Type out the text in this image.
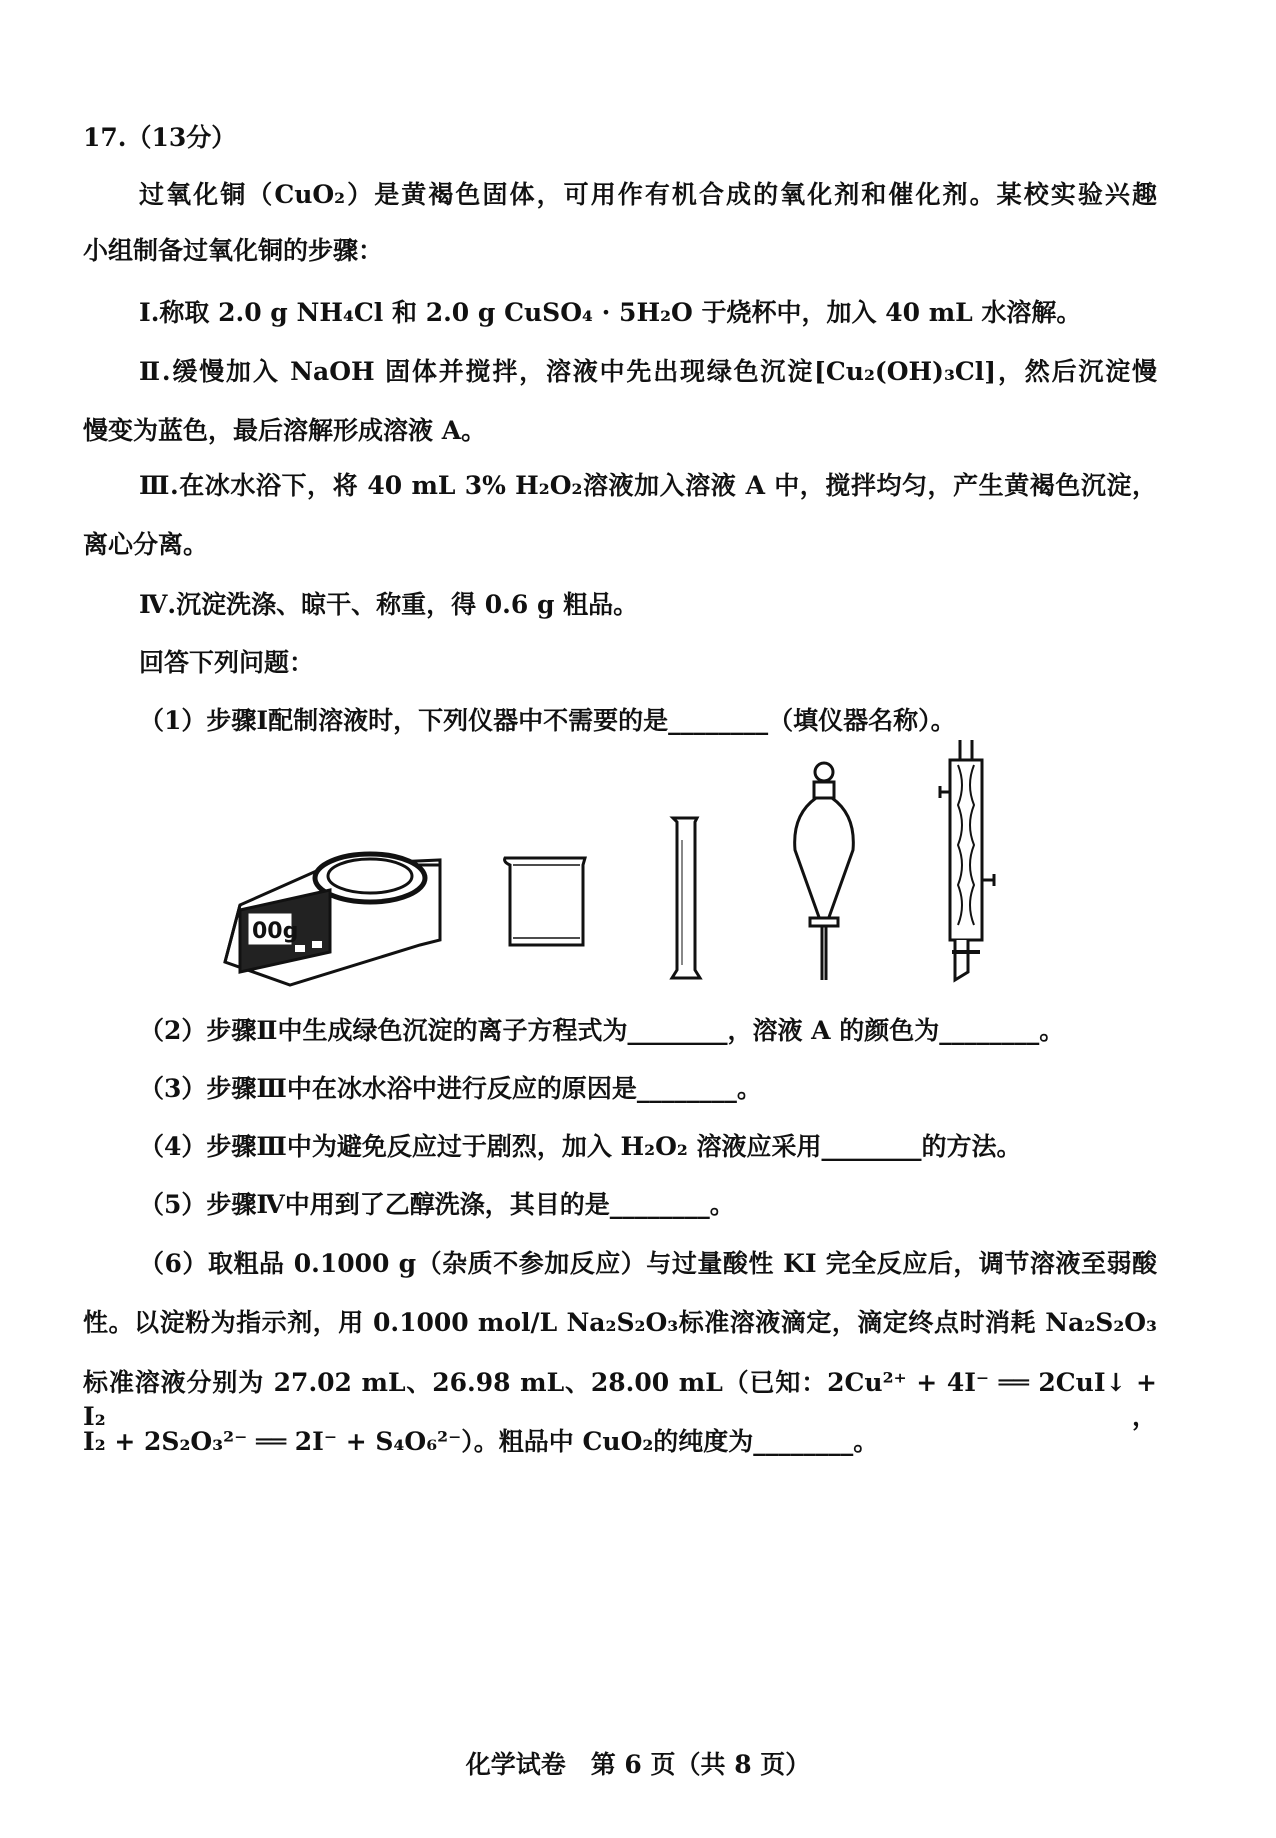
17.（13分）
过氧化铜（CuO₂）是黄褐色固体，可用作有机合成的氧化剂和催化剂。某校实验兴趣
小组制备过氧化铜的步骤：
Ⅰ.称取 2.0 g NH₄Cl 和 2.0 g CuSO₄ · 5H₂O 于烧杯中，加入 40 mL 水溶解。
Ⅱ.缓慢加入 NaOH 固体并搅拌，溶液中先出现绿色沉淀[Cu₂(OH)₃Cl]，然后沉淀慢
慢变为蓝色，最后溶解形成溶液 A。
Ⅲ.在冰水浴下，将 40 mL 3% H₂O₂溶液加入溶液 A 中，搅拌均匀，产生黄褐色沉淀，
离心分离。
Ⅳ.沉淀洗涤、晾干、称重，得 0.6 g 粗品。
回答下列问题：
（1）步骤Ⅰ配制溶液时，下列仪器中不需要的是________（填仪器名称）。
00g
（2）步骤Ⅱ中生成绿色沉淀的离子方程式为________，溶液 A 的颜色为________。
（3）步骤Ⅲ中在冰水浴中进行反应的原因是________。
（4）步骤Ⅲ中为避免反应过于剧烈，加入 H₂O₂ 溶液应采用________的方法。
（5）步骤Ⅳ中用到了乙醇洗涤，其目的是________。
（6）取粗品 0.1000 g（杂质不参加反应）与过量酸性 KI 完全反应后，调节溶液至弱酸
性。以淀粉为指示剂，用 0.1000 mol/L Na₂S₂O₃标准溶液滴定，滴定终点时消耗 Na₂S₂O₃
标准溶液分别为 27.02 mL、26.98 mL、28.00 mL（已知：2Cu²⁺ + 4I⁻ ══ 2CuI↓ + I₂，
I₂ + 2S₂O₃²⁻ ══ 2I⁻ + S₄O₆²⁻）。粗品中 CuO₂的纯度为________。
化学试卷　第 6 页（共 8 页）
